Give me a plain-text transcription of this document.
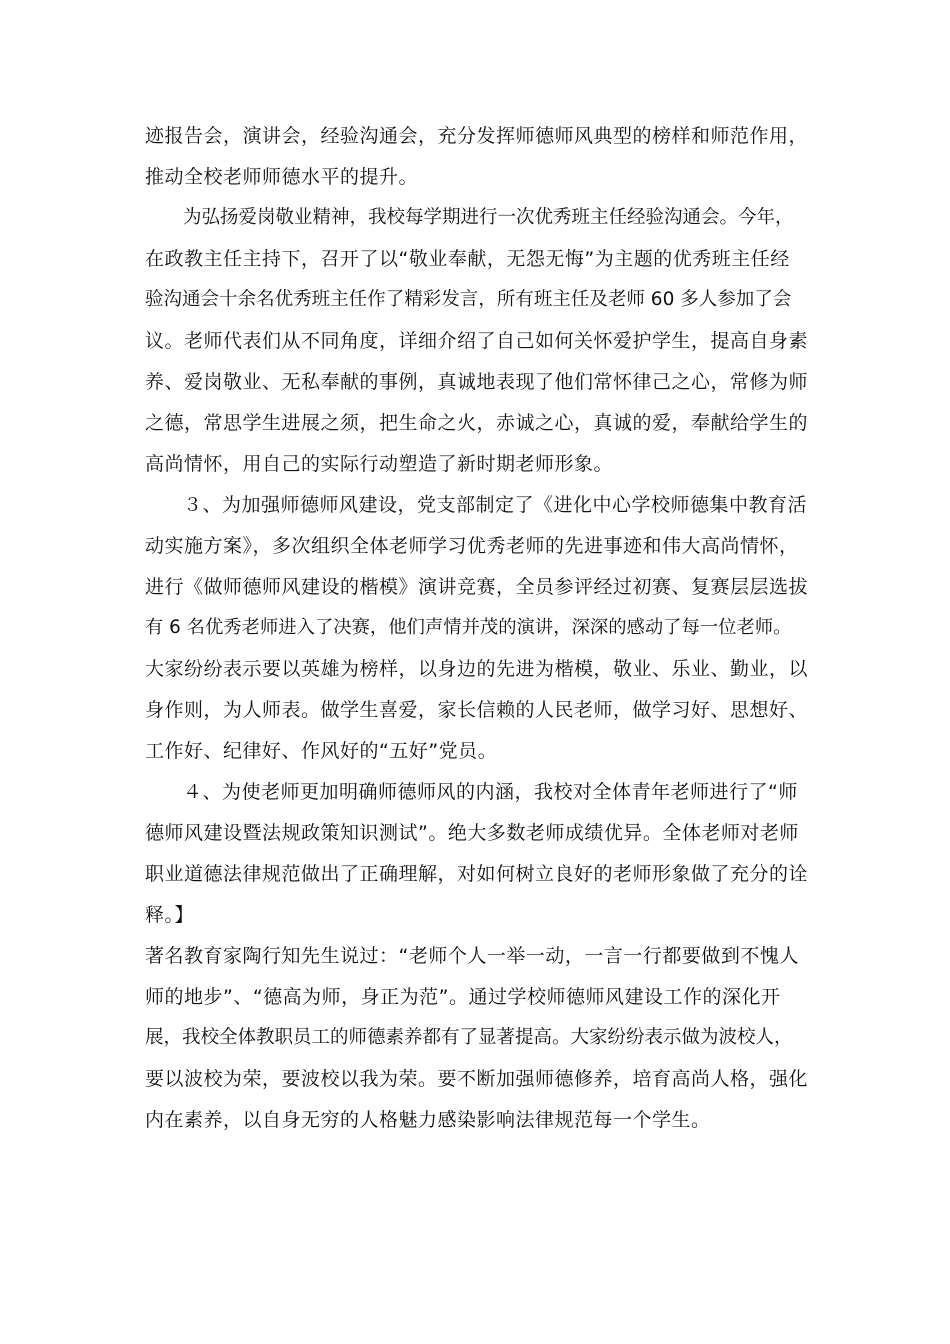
迹报告会，演讲会，经验沟通会，充分发挥师德师风典型的榜样和师范作用，
推动全校老师师德水平的提升。
为弘扬爱岗敬业精神，我校每学期进行一次优秀班主任经验沟通会。今年，
在政教主任主持下，召开了以“敬业奉献，无怨无悔”为主题的优秀班主任经
验沟通会十余名优秀班主任作了精彩发言，所有班主任及老师 60 多人参加了会
议。老师代表们从不同角度，详细介绍了自己如何关怀爱护学生，提高自身素
养、爱岗敬业、无私奉献的事例，真诚地表现了他们常怀律己之心，常修为师
之德，常思学生进展之须，把生命之火，赤诚之心，真诚的爱，奉献给学生的
高尚情怀，用自己的实际行动塑造了新时期老师形象。
３、为加强师德师风建设，党支部制定了《进化中心学校师德集中教育活
动实施方案》，多次组织全体老师学习优秀老师的先进事迹和伟大高尚情怀，
进行《做师德师风建设的楷模》演讲竞赛，全员参评经过初赛、复赛层层选拔
有 6 名优秀老师进入了决赛，他们声情并茂的演讲，深深的感动了每一位老师。
大家纷纷表示要以英雄为榜样，以身边的先进为楷模，敬业、乐业、勤业，以
身作则，为人师表。做学生喜爱，家长信赖的人民老师，做学习好、思想好、
工作好、纪律好、作风好的“五好”党员。
４、为使老师更加明确师德师风的内涵，我校对全体青年老师进行了“师
德师风建设暨法规政策知识测试”。绝大多数老师成绩优异。全体老师对老师
职业道德法律规范做出了正确理解，对如何树立良好的老师形象做了充分的诠
释。】
著名教育家陶行知先生说过：“老师个人一举一动，一言一行都要做到不愧人
师的地步”、“德高为师，身正为范”。通过学校师德师风建设工作的深化开
展，我校全体教职员工的师德素养都有了显著提高。大家纷纷表示做为波校人，
要以波校为荣，要波校以我为荣。要不断加强师德修养，培育高尚人格，强化
内在素养，以自身无穷的人格魅力感染影响法律规范每一个学生。
